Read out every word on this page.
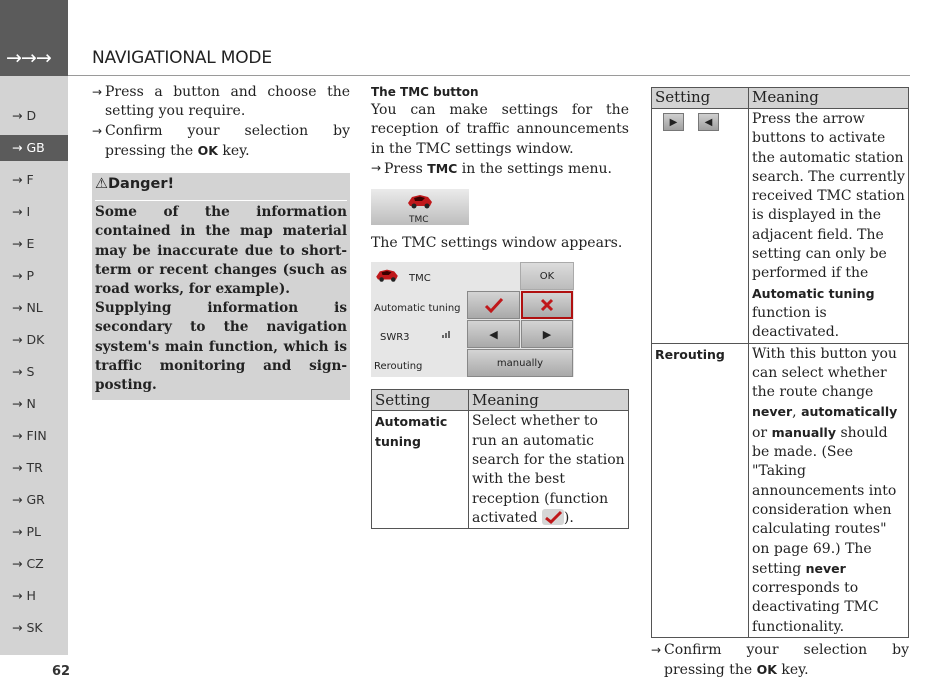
→→→
→ D
→ GB
→ F
→ I
→ E
→ P
→ NL
→ DK
→ S
→ N
→ FIN
→ TR
→ GR
→ PL
→ CZ
→ H
→ SK
62
NAVIGATIONAL MODE
→ Press a button and choose the setting you require.
→ Confirm your selection by pressing the OK key.
⚠Danger!
Some of the information contained in the map material may be inaccurate due to short-term or recent changes (such as road works, for example).
Supplying information is secondary to the navigation system's main function, which is traffic monitoring and sign-posting.
The TMC button
You can make settings for the reception of traffic announcements in the TMC settings window.
→ Press TMC in the settings menu.
TMC
The TMC settings window appears.
TMC	OK
Automatic tuning
SWR3	◀	▶
Rerouting	manually
Setting	Meaning
Automatic tuning	Select whether to run an automatic search for the station with the best reception (function activated ).
Setting	Meaning
▶ ◀	Press the arrow buttons to activate the automatic station search. The currently received TMC station is displayed in the adjacent field. The setting can only be performed if the Automatic tuning function is deactivated.
Rerouting	With this button you can select whether the route change never, automatically or manually should be made. (See "Taking announcements into consideration when calculating routes" on page 69.) The setting never corresponds to deactivating TMC functionality.
→ Confirm your selection by pressing the OK key.
